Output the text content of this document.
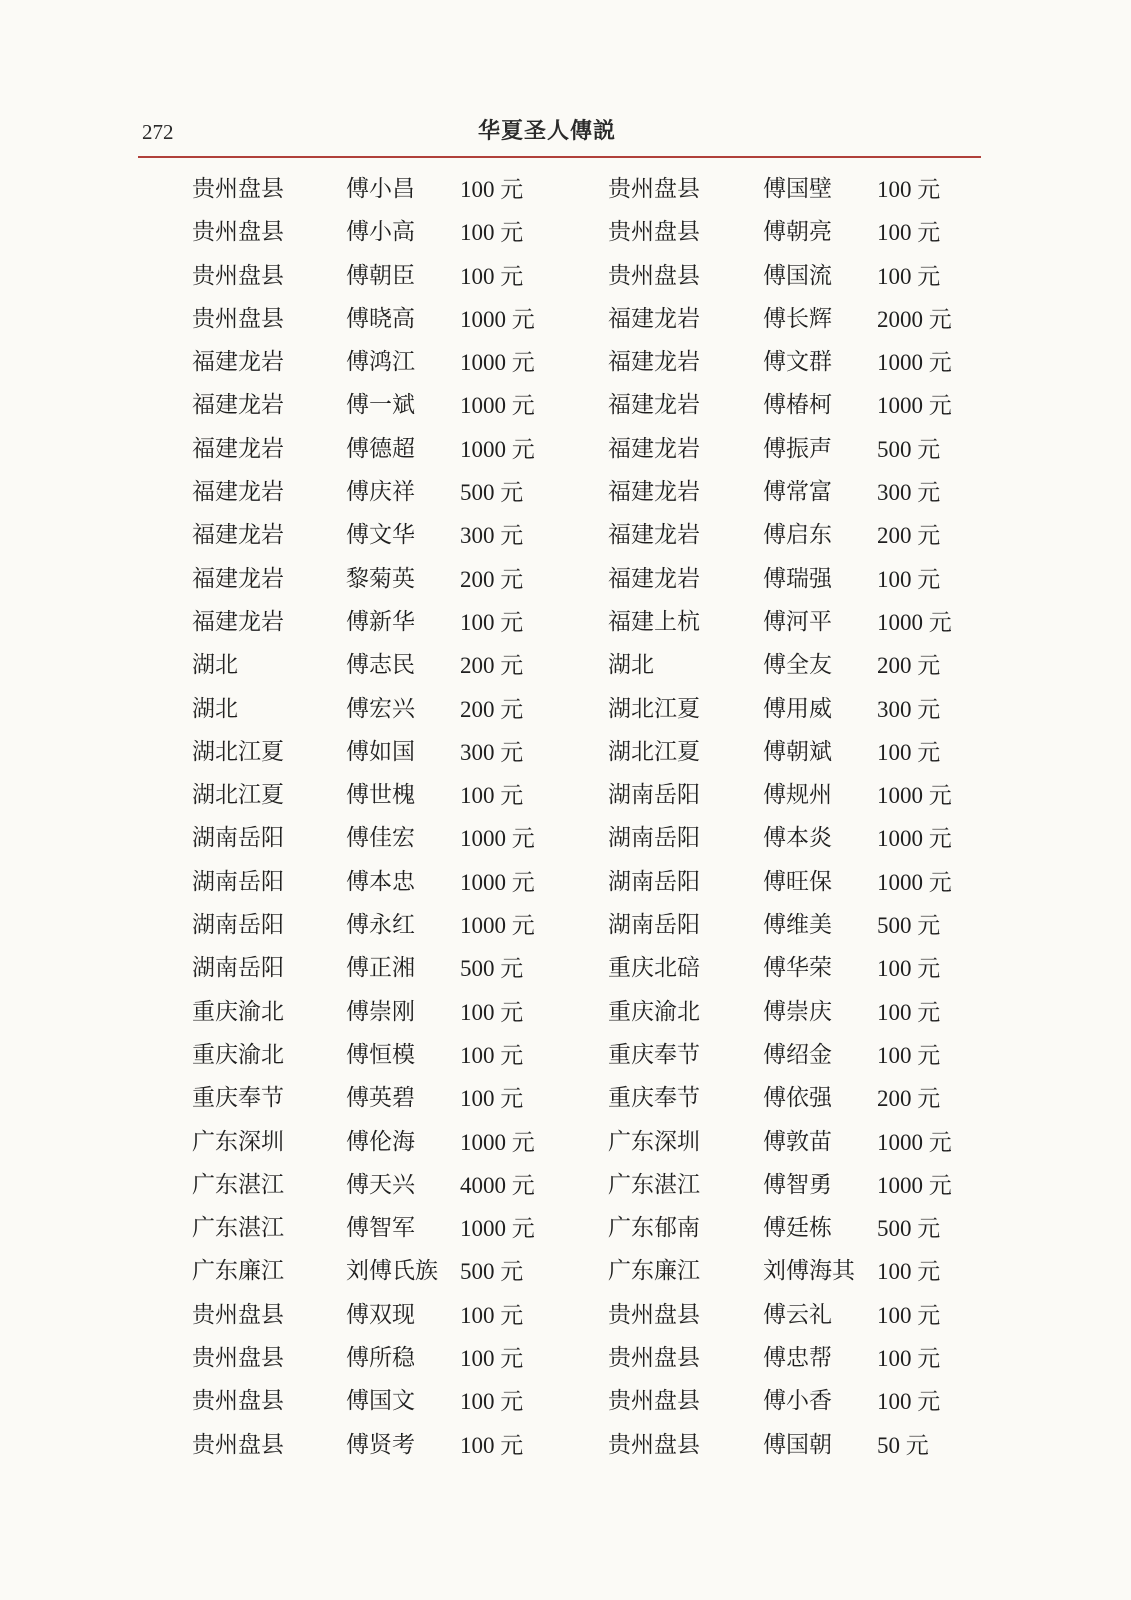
272	华夏圣人傳説
贵州盘县	傅小昌 100 元	贵州盘县	傅国壁 100 元
贵州盘县	傅小高 100 元	贵州盘县	傅朝亮 100 元
贵州盘县	傅朝臣 100 元	贵州盘县	傅国流 100 元
贵州盘县	傅晓高 1000 元	福建龙岩	傅长辉 2000 元
福建龙岩	傅鸿江 1000 元	福建龙岩	傅文群 1000 元
福建龙岩	傅一斌 1000 元	福建龙岩	傅椿柯 1000 元
福建龙岩	傅德超 1000 元	福建龙岩	傅振声 500 元
福建龙岩	傅庆祥 500 元	福建龙岩	傅常富 300 元
福建龙岩	傅文华 300 元	福建龙岩	傅启东 200 元
福建龙岩	黎菊英 200 元	福建龙岩	傅瑞强 100 元
福建龙岩	傅新华 100 元	福建上杭	傅河平 1000 元
湖北	傅志民 200 元	湖北	傅全友 200 元
湖北	傅宏兴 200 元	湖北江夏	傅用威 300 元
湖北江夏	傅如国 300 元	湖北江夏	傅朝斌 100 元
湖北江夏	傅世槐 100 元	湖南岳阳	傅规州 1000 元
湖南岳阳	傅佳宏 1000 元	湖南岳阳	傅本炎 1000 元
湖南岳阳	傅本忠 1000 元	湖南岳阳	傅旺保 1000 元
湖南岳阳	傅永红 1000 元	湖南岳阳	傅维美 500 元
湖南岳阳	傅正湘 500 元	重庆北碚	傅华荣 100 元
重庆渝北	傅崇刚 100 元	重庆渝北	傅崇庆 100 元
重庆渝北	傅恒模 100 元	重庆奉节	傅绍金 100 元
重庆奉节	傅英碧 100 元	重庆奉节	傅依强 200 元
广东深圳	傅伦海 1000 元	广东深圳	傅敦苗 1000 元
广东湛江	傅天兴 4000 元	广东湛江	傅智勇 1000 元
广东湛江	傅智军 1000 元	广东郁南	傅廷栋 500 元
广东廉江	刘傅氏族 500 元	广东廉江	刘傅海其 100 元
贵州盘县	傅双现 100 元	贵州盘县	傅云礼 100 元
贵州盘县	傅所稳 100 元	贵州盘县	傅忠帮 100 元
贵州盘县	傅国文 100 元	贵州盘县	傅小香 100 元
贵州盘县	傅贤考 100 元	贵州盘县	傅国朝 50 元
